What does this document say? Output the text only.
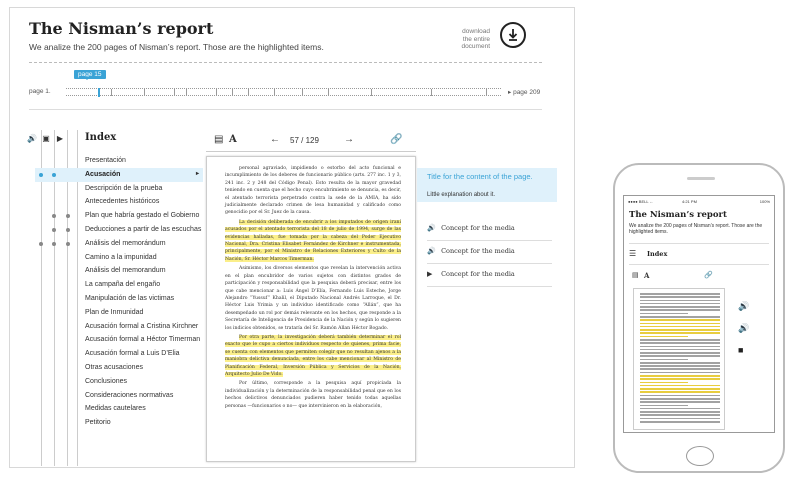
The Nisman’s report
We analize the 200 pages of Nisman’s report. Those are the highlighted items.
download
the entire
document
page 15
page 1.	▸ page 209
🔊 ▣ ▶ Index
Presentación
Acusación	▸
Descripción de la prueba
Antecedentes históricos
Plan que habría gestado el Gobierno
Deducciones a partir de las escuchas
Análisis del memorándum
Camino a la impunidad
Análisis del memorandum
La campaña del engaño
Manipulación de las victimas
Plan de Inmunidad
Acusación formal a Cristina Kirchner
Acusación formal a Héctor Timerman
Acusación formal a Luis D’Elia
Otras acusaciones
Conclusiones
Consideraciones normativas
Medidas cautelares
Petitorio
▤ A	← 57 / 129	→	🔗

personal agraviado, impidiendo o estorbo del acto funcional e incumplimiento de los deberes de funcionario público (arts. 277 inc. 1 y 3, 241 inc. 2 y 248 del Código Penal). Esto resulta de la mayor gravedad teniendo en cuenta que el hecho cuyo encubrimiento se denuncia, es decir, el atentado terrorista perpetrado contra la sede de la AMIA, ha sido judicialmente declarado crimen de lesa humanidad y calificado como genocidio por el Sr. Juez de la causa.

La decisión deliberada de encubrir a los imputados de origen iraní acusados por el atentado terrorista del 18 de julio de 1994, surge de las evidencias halladas, fue tomada por la cabeza del Poder Ejecutivo Nacional, Dra. Cristina Elisabet Fernández de Kirchner e instrumentada, principalmente, por el Ministro de Relaciones Exteriores y Culto de la Nación, Sr. Héctor Marcos Timerman.

Asimismo, los diversos elementos que revelan la intervención activa en el plan encubridor de varios sujetos con distintos grados de participación y responsabilidad que la pesquisa deberá precisar, entre los que cabe mencionar a: Luis Ángel D’Elía, Fernando Luis Esteche, Jorge Alejandro “Yussuf” Khalil, el Diputado Nacional Andrés Larroque, el Dr. Héctor Luis Yrimia y un individuo identificado como “Allán”, que ha desempeñado un rol por demás relevante en los hechos, que responde a la Secretaría de Inteligencia de Presidencia de la Nación y según lo sugieren los indicios obtenidos, se trataría del Sr. Ramón Allan Héctor Bogado.

Por otra parte, la investigación deberá también determinar el rol exacto que le cupo a ciertos individuos respecto de quienes, prima facie, se cuenta con elementos que permiten colegir que no resultan ajenos a la maniobra delictiva denunciada, entre los cabe mencionar al Ministro de Planificación Federal, Inversión Pública y Servicios de la Nación, Arquitecto Julio De Vido.

Por último, corresponde a la pesquisa aquí propiciada la individualización y la determinación de la responsabilidad penal que en los hechos delictivos denunciados pudieren haber tenido todas aquellas personas —funcionarios o no— que intervinieron en la elaboración,

Title for the content of the page.
Little explanation about it.
🔊 Concept for the media
🔊 Concept for the media
▶ Concept for the media
●●●● BELL ←	4:21 PM	100%
The Nisman’s report
We analize the 200 pages of Nisman’s report. Those are the highlighted items.
☰ Index
▤ A	🔗
🔊
🔊
■
